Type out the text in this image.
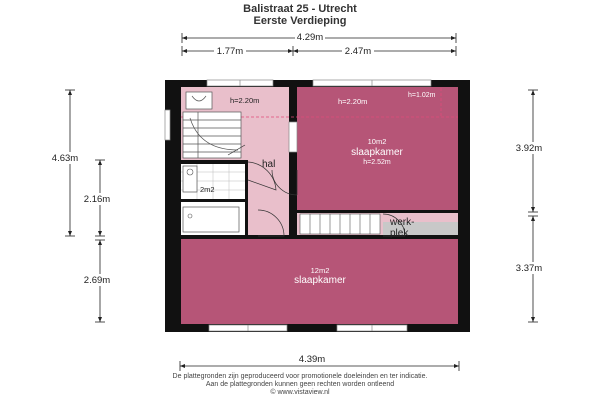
Balistraat 25 - Utrecht
Eerste Verdieping
4.29m
1.77m	2.47m
4.63m
2.16m
2.69m
3.92m
3.37m
4.39m
h=2.20m
hal
2m2
h=2.20m
h=1.02m
10m2
slaapkamer
h=2.52m
werk-
plek
12m2
slaapkamer
De plattegronden zijn geproduceerd voor promotionele doeleinden en ter indicatie.
Aan de plattegronden kunnen geen rechten worden ontleend
© www.vistaview.nl
